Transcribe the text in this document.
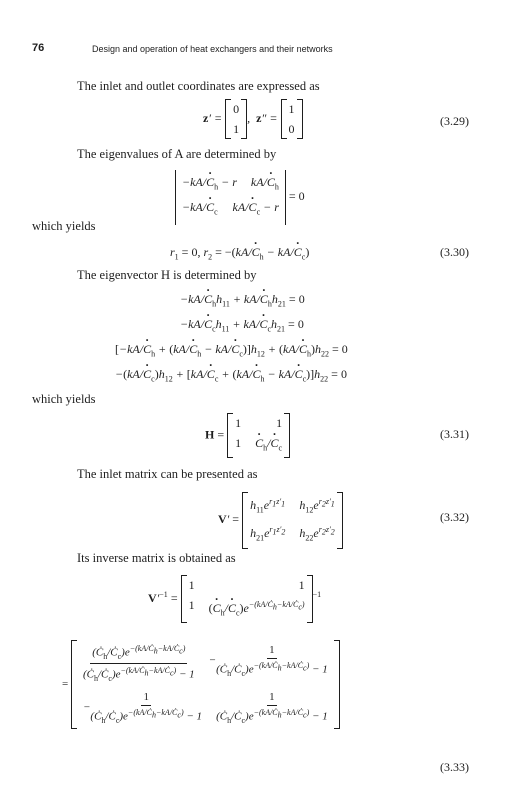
76	Design and operation of heat exchangers and their networks
The inlet and outlet coordinates are expressed as
z′ =
0
1
,  z″ =
1
0
(3.29)
The eigenvalues of A are determined by
$-kA/\cdot C_h - r$ $kA/\cdot C_h$
$-kA/\cdot C_c$ $kA/\cdot C_c - r$
= 0
which yields
$r_1 = 0$, $r_2 = -(kA/\cdot C_h - kA/\cdot C_c)$	(3.30)
The eigenvector H is determined by
$-kA/\cdot C_hh_{11} + kA/\cdot C_hh_{21} = 0$
$-kA/\cdot C_ch_{11} + kA/\cdot C_ch_{21} = 0$
$[-kA/\cdot C_h + (kA/\cdot C_h - kA/\cdot C_c)]h_{12} + (kA/\cdot C_h)h_{22} = 0$
$-(kA/\cdot C_c)h_{12} + [kA/\cdot C_c + (kA/\cdot C_h - kA/\cdot C_c)]h_{22} = 0$
which yields
H =
1	1
1
· $C_h/\cdot C_c$
(3.31)
The inlet matrix can be presented as
V′ =
$h_{11}e^{r_1z'_1}$ $h_{12}e^{r_2z'_1}$
$h_{21}e^{r_1z'_2}$ $h_{22}e^{r_2z'_2}$
(3.32)
Its inverse matrix is obtained as
$V'^{-1}$ =
1	1
1 (· $C_h/\cdot C_c)e^{-(kA/Ċ_h-kA/Ċ_c)}$
$^{-1}$
=
$\frac{(Ċ_h/Ċ_c)e^{-(kA/Ċ_h-kA/Ċ_c)}}{(Ċ_h/Ċ_c)e^{-(kA/Ċ_h-kA/Ċ_c)} - 1} - \frac{1}{(Ċ_h/Ċ_c)e^{-(kA/Ċ_h-kA/Ċ_c)} - 1}$
− $\frac{1}{(Ċ_h/Ċ_c)e^{-(kA/Ċ_h-kA/Ċ_c)} - 1} \frac{1}{(Ċ_h/Ċ_c)e^{-(kA/Ċ_h-kA/Ċ_c)} - 1}$
(3.33)
